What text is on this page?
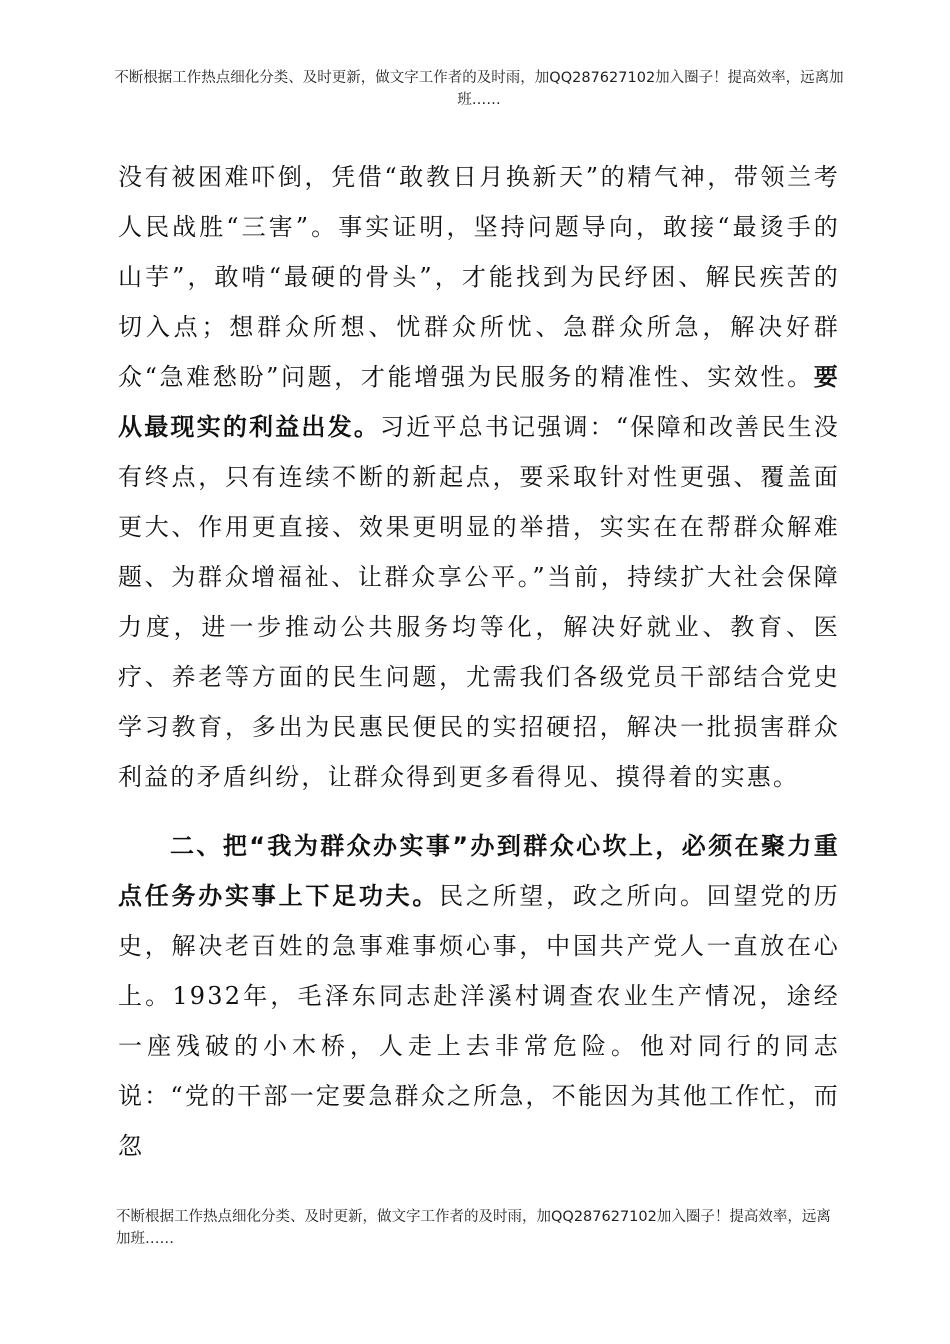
不断根据工作热点细化分类、及时更新，做文字工作者的及时雨，加QQ287627102加入圈子！提高效率，远离加班……

没有被困难吓倒，凭借“敢教日月换新天”的精气神，带领兰考人民战胜“三害”。事实证明，坚持问题导向，敢接“最烫手的山芋”，敢啃“最硬的骨头”，才能找到为民纾困、解民疾苦的切入点；想群众所想、忧群众所忧、急群众所急，解决好群众“急难愁盼”问题，才能增强为民服务的精准性、实效性。要从最现实的利益出发。习近平总书记强调：“保障和改善民生没有终点，只有连续不断的新起点，要采取针对性更强、覆盖面更大、作用更直接、效果更明显的举措，实实在在帮群众解难题、为群众增福祉、让群众享公平。”当前，持续扩大社会保障力度，进一步推动公共服务均等化，解决好就业、教育、医疗、养老等方面的民生问题，尤需我们各级党员干部结合党史学习教育，多出为民惠民便民的实招硬招，解决一批损害群众利益的矛盾纠纷，让群众得到更多看得见、摸得着的实惠。

二、把“我为群众办实事”办到群众心坎上，必须在聚力重点任务办实事上下足功夫。民之所望，政之所向。回望党的历史，解决老百姓的急事难事烦心事，中国共产党人一直放在心上。1932年，毛泽东同志赴洋溪村调查农业生产情况，途经一座残破的小木桥，人走上去非常危险。他对同行的同志说：“党的干部一定要急群众之所急，不能因为其他工作忙，而忽

不断根据工作热点细化分类、及时更新，做文字工作者的及时雨，加QQ287627102加入圈子！提高效率，远离加班……
